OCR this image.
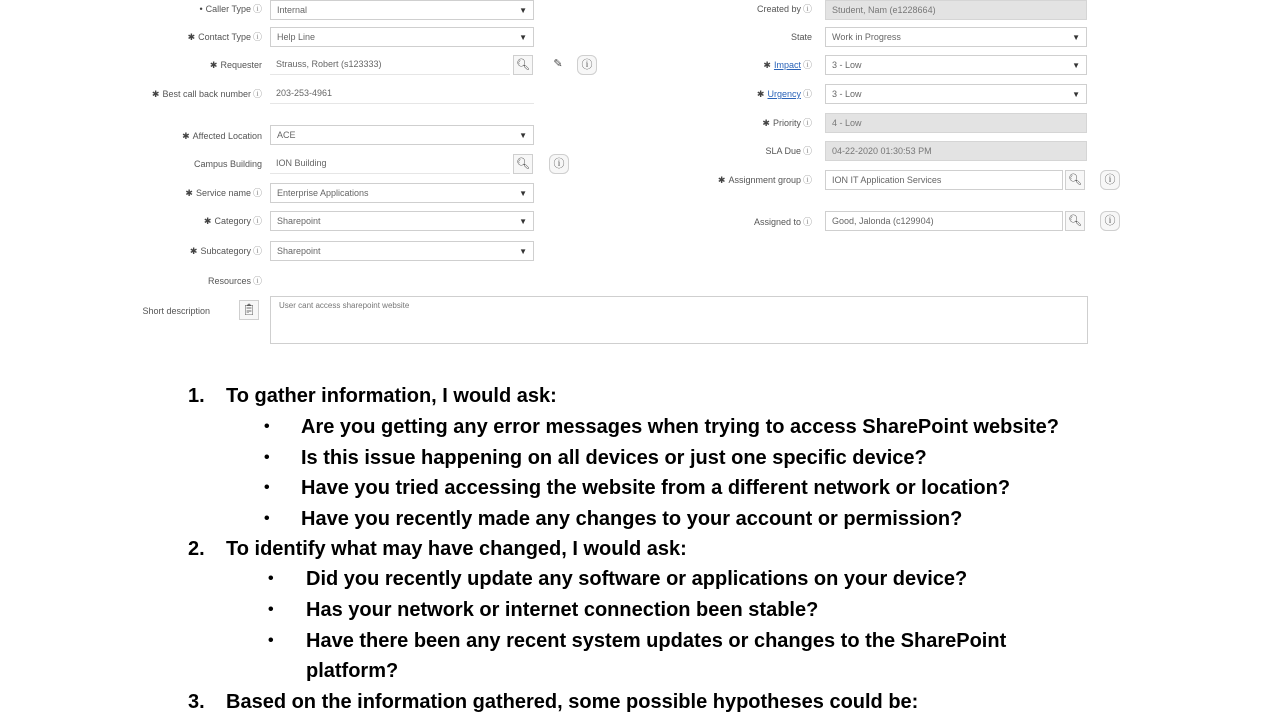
• Caller Type ⓘ	Internal	▼
✱ Contact Type ⓘ	Help Line	▼
✱ Requester	Strauss, Robert (s123333)	🔍︎	✎	ⓘ
✱ Best call back number ⓘ	203-253-4961
✱ Affected Location	ACE	▼
Campus Building	ION Building	🔍︎	ⓘ
✱ Service name ⓘ	Enterprise Applications	▼
✱ Category ⓘ	Sharepoint	▼
✱ Subcategory ⓘ	Sharepoint	▼
Resources ⓘ
Short description	📋︎	User cant access sharepoint website
Created by ⓘ	Student, Nam (e1228664)
State	Work in Progress	▼
✱ Impact ⓘ	3 - Low	▼
✱ Urgency ⓘ	3 - Low	▼
✱ Priority ⓘ	4 - Low
SLA Due ⓘ	04-22-2020 01:30:53 PM
✱ Assignment group ⓘ	ION IT Application Services	🔍︎	ⓘ
Assigned to ⓘ	Good, Jalonda (c129904)	🔍︎	ⓘ
1. To gather information, I would ask:
• Are you getting any error messages when trying to access SharePoint website?
• Is this issue happening on all devices or just one specific device?
• Have you tried accessing the website from a different network or location?
• Have you recently made any changes to your account or permission?
2. To identify what may have changed, I would ask:
• Did you recently update any software or applications on your device?
• Has your network or internet connection been stable?
• Have there been any recent system updates or changes to the SharePoint
platform?
3. Based on the information gathered, some possible hypotheses could be:
